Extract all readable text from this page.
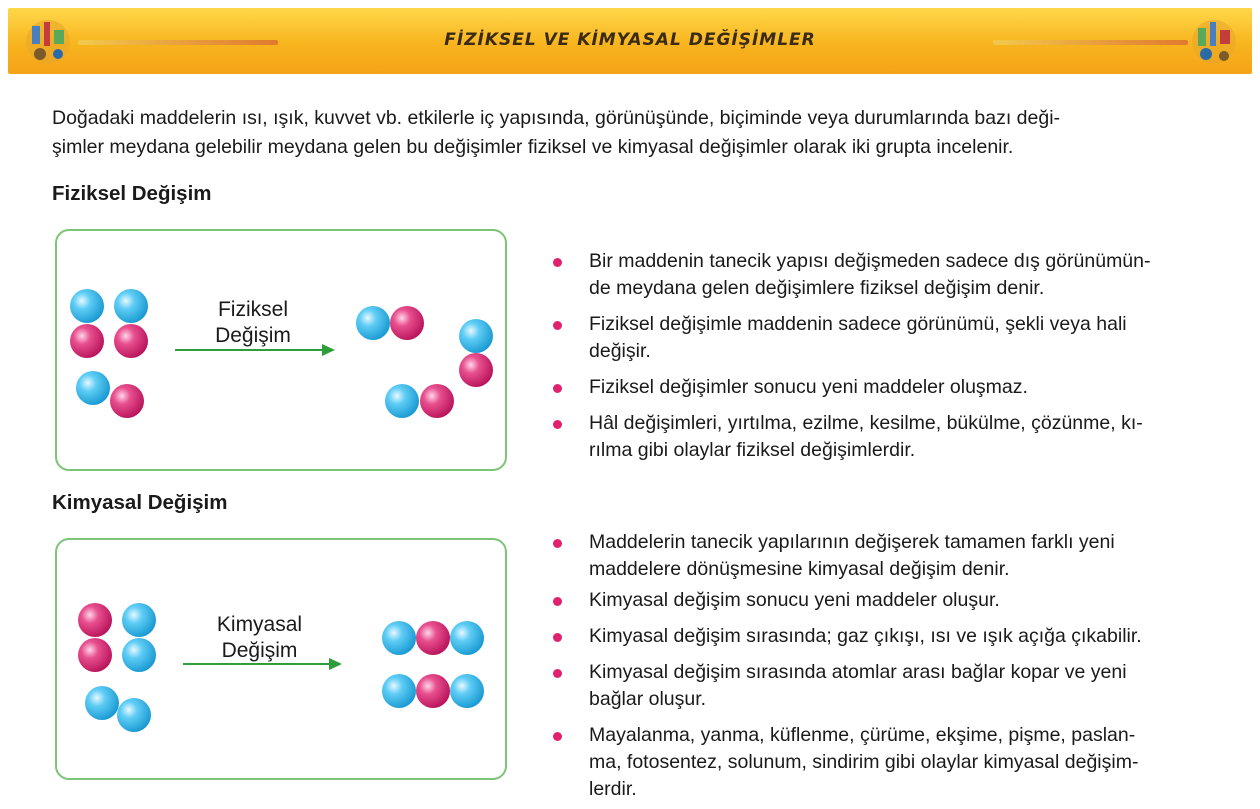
FİZİKSEL VE KİMYASAL DEĞİŞİMLER
Doğadaki maddelerin ısı, ışık, kuvvet vb. etkilerle iç yapısında, görünüşünde, biçiminde veya durumlarında bazı deği-
şimler meydana gelebilir meydana gelen bu değişimler fiziksel ve kimyasal değişimler olarak iki grupta incelenir.
Fiziksel Değişim
Fiziksel
Değişim
Bir maddenin tanecik yapısı değişmeden sadece dış görünümün-
de meydana gelen değişimlere fiziksel değişim denir.
Fiziksel değişimle maddenin sadece görünümü, şekli veya hali
değişir.
Fiziksel değişimler sonucu yeni maddeler oluşmaz.
Hâl değişimleri, yırtılma, ezilme, kesilme, bükülme, çözünme, kı-
rılma gibi olaylar fiziksel değişimlerdir.
Kimyasal Değişim
Kimyasal
Değişim
Maddelerin tanecik yapılarının değişerek tamamen farklı yeni
maddelere dönüşmesine kimyasal değişim denir.
Kimyasal değişim sonucu yeni maddeler oluşur.
Kimyasal değişim sırasında; gaz çıkışı, ısı ve ışık açığa çıkabilir.
Kimyasal değişim sırasında atomlar arası bağlar kopar ve yeni
bağlar oluşur.
Mayalanma, yanma, küflenme, çürüme, ekşime, pişme, paslan-
ma, fotosentez, solunum, sindirim gibi olaylar kimyasal değişim-
lerdir.
